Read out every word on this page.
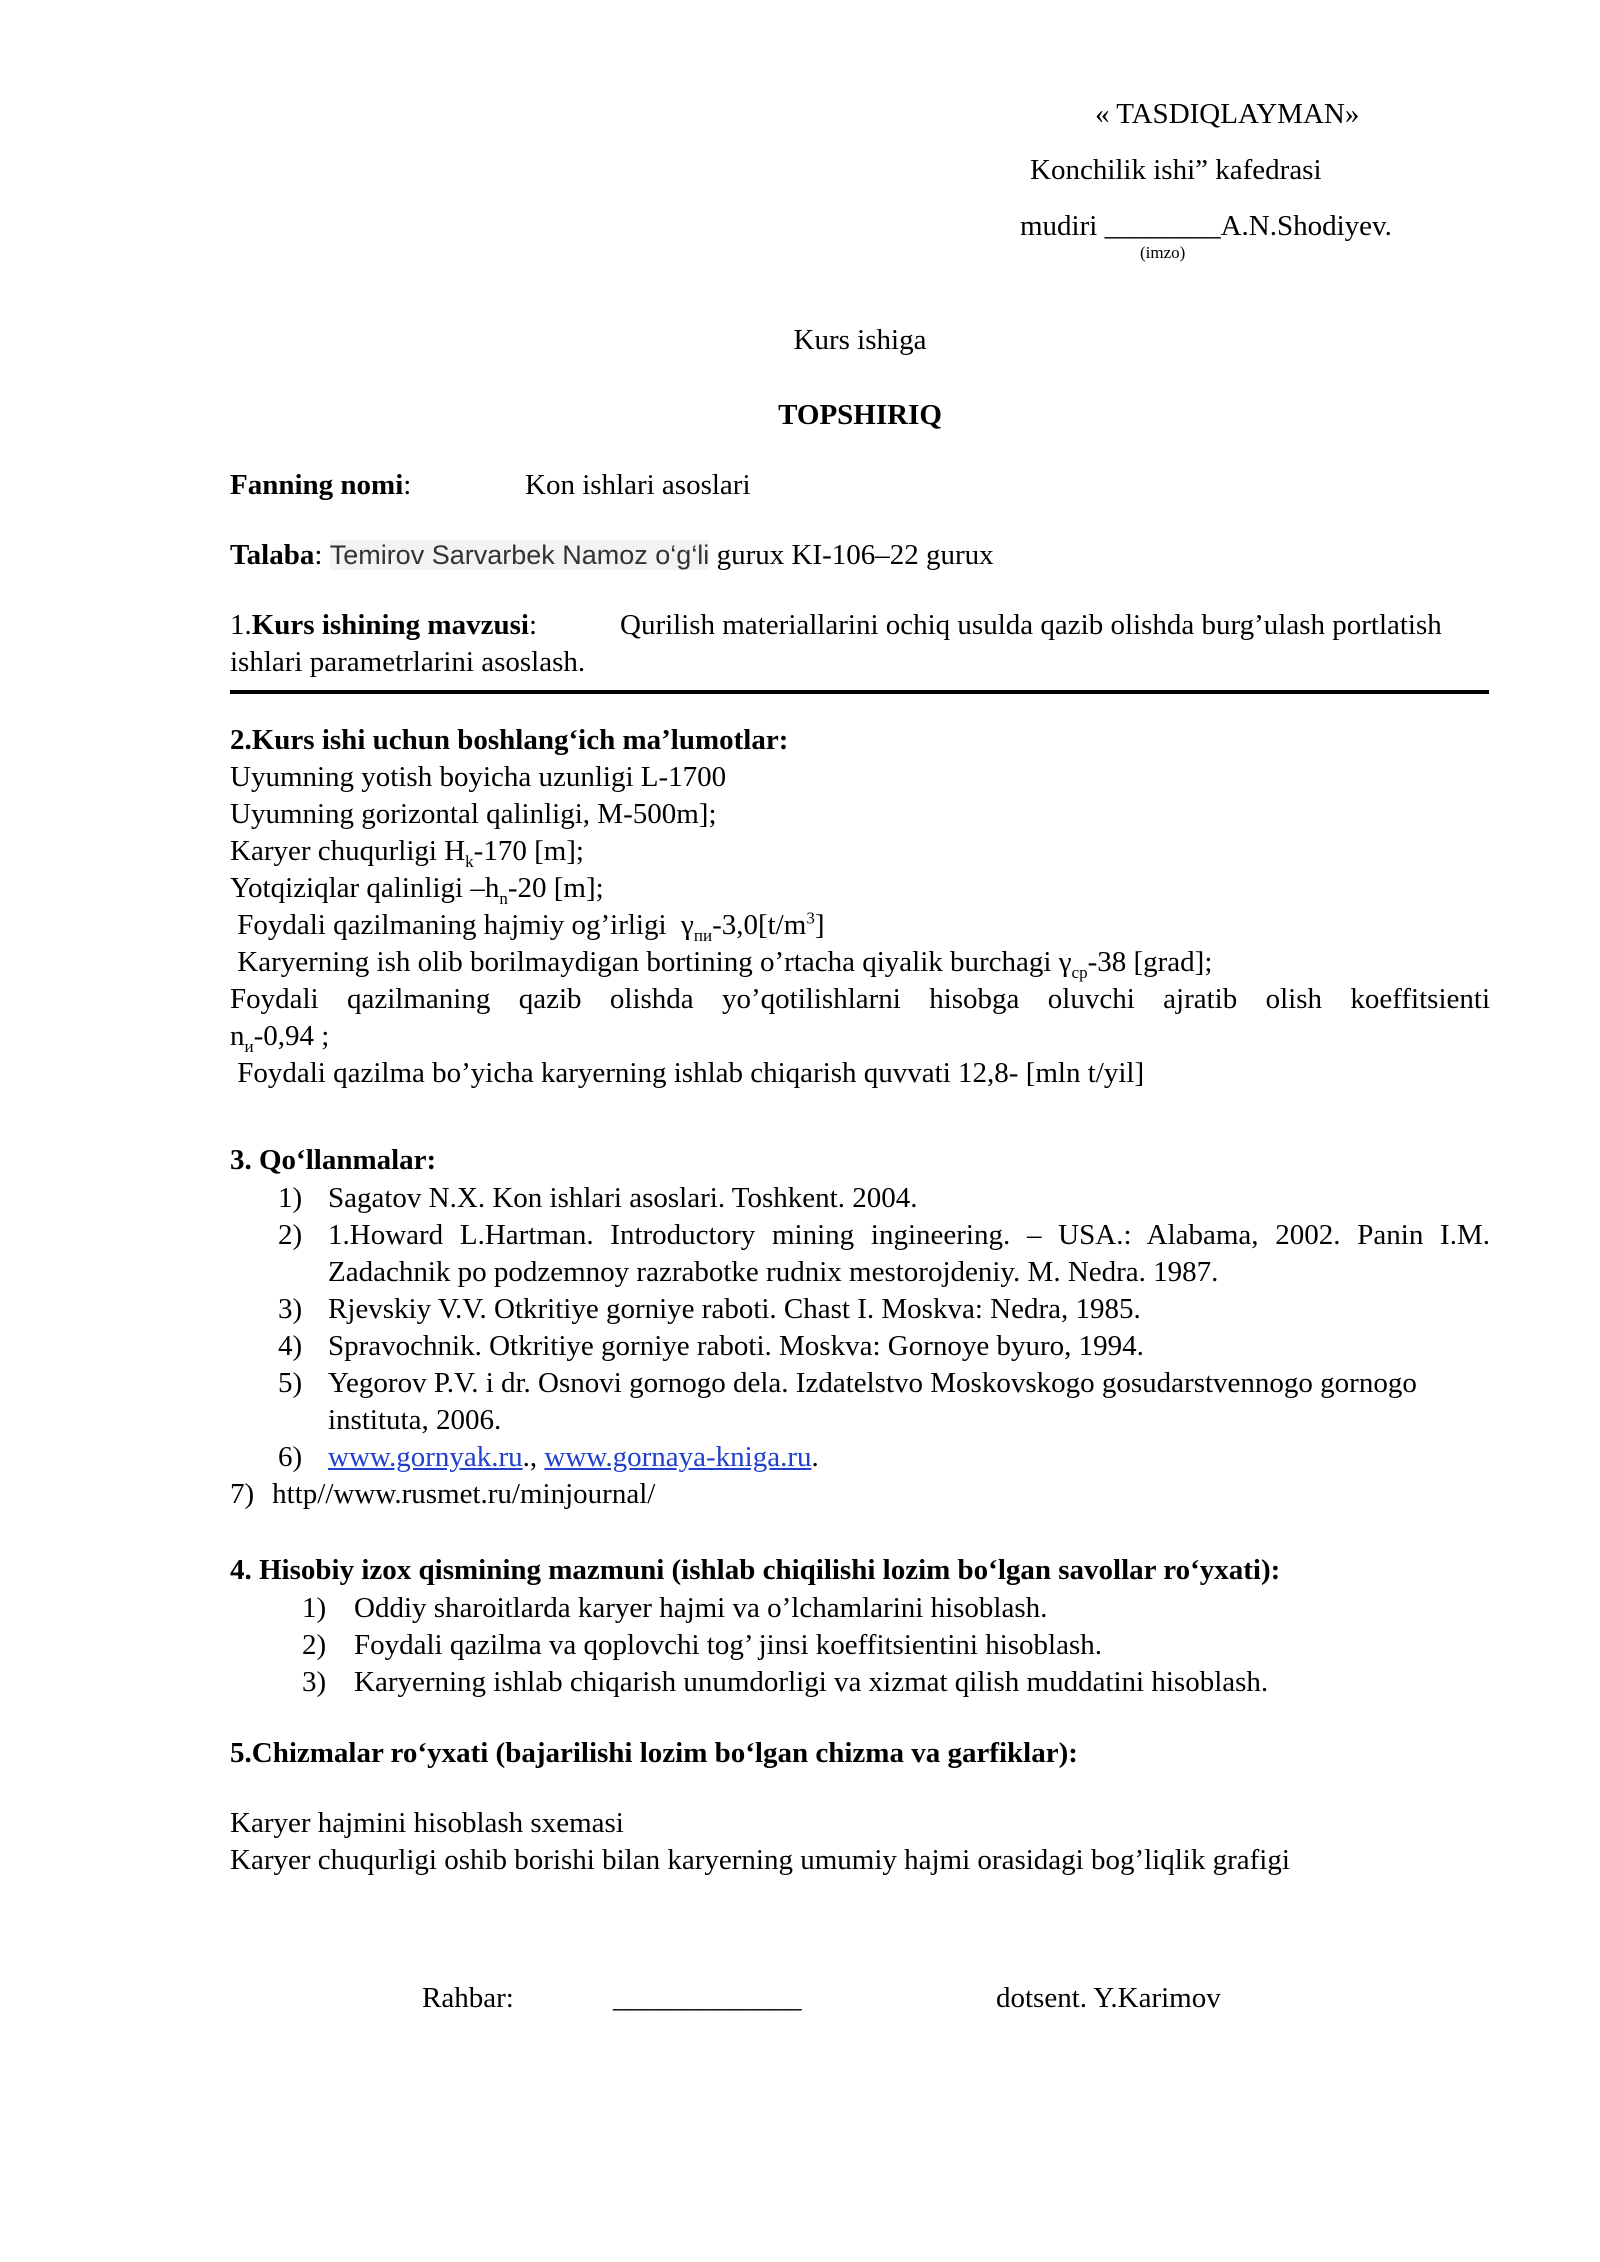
« TASDIQLAYMAN»
Konchilik ishi” kafedrasi
mudiri ________A.N.Shodiyev.
(imzo)
Kurs ishiga
TOPSHIRIQ
Fanning nomi:	Kon ishlari asoslari
Talaba: Temirov Sarvarbek Namoz o‘g‘li gurux KI-106–22 gurux
1.Kurs ishining mavzusi:	Qurilish materiallarini ochiq usulda qazib olishda burg’ulash portlatish ishlari parametrlarini asoslash.
2.Kurs ishi uchun boshlang‘ich ma’lumotlar:
Uyumning yotish boyicha uzunligi L-1700
Uyumning gorizontal qalinligi, M-500m];
Karyer chuqurligi $H_k-170$ [m];
Yotqiziqlar qalinligi $-h_n-20$ [m];
Foydali qazilmaning hajmiy og’irligi  $\gamma_{пи}-3,0[t/m^3]$
Karyerning ish olib borilmaydigan bortining o’rtacha qiyalik burchagi $\gamma_{ср}-38$ [grad];
Foydali qazilmaning qazib olishda yo’qotilishlarni hisobga oluvchi ajratib olish koeffitsienti
$n_и-0,94$ ;
Foydali qazilma bo’yicha karyerning ishlab chiqarish quvvati 12,8- [mln t/yil]
3. Qo‘llanmalar:
1) Sagatov N.X. Kon ishlari asoslari. Toshkent. 2004.
2) 1.Howard L.Hartman. Introductory mining ingineering. – USA.: Alabama, 2002. Panin I.M. Zadachnik po podzemnoy razrabotke rudnix mestorojdeniy. M. Nedra. 1987.
3) Rjevskiy V.V. Otkritiye gorniye raboti. Chast I. Moskva: Nedra, 1985.
4) Spravochnik. Otkritiye gorniye raboti. Moskva: Gornoye byuro, 1994.
5) Yegorov P.V. i dr. Osnovi gornogo dela. Izdatelstvo Moskovskogo gosudarstvennogo gornogo instituta, 2006.
6) www.gornyak.ru., www.gornaya-kniga.ru.
7) http//www.rusmet.ru/minjournal/
4. Hisobiy izox qismining mazmuni (ishlab chiqilishi lozim bo‘lgan savollar ro‘yxati):
1) Oddiy sharoitlarda karyer hajmi va o’lchamlarini hisoblash.
2) Foydali qazilma va qoplovchi tog’ jinsi koeffitsientini hisoblash.
3) Karyerning ishlab chiqarish unumdorligi va xizmat qilish muddatini hisoblash.
5.Chizmalar ro‘yxati (bajarilishi lozim bo‘lgan chizma va garfiklar):
Karyer hajmini hisoblash sxemasi
Karyer chuqurligi oshib borishi bilan karyerning umumiy hajmi orasidagi bog’liqlik grafigi
Rahbar:	_____________	dotsent. Y.Karimov
